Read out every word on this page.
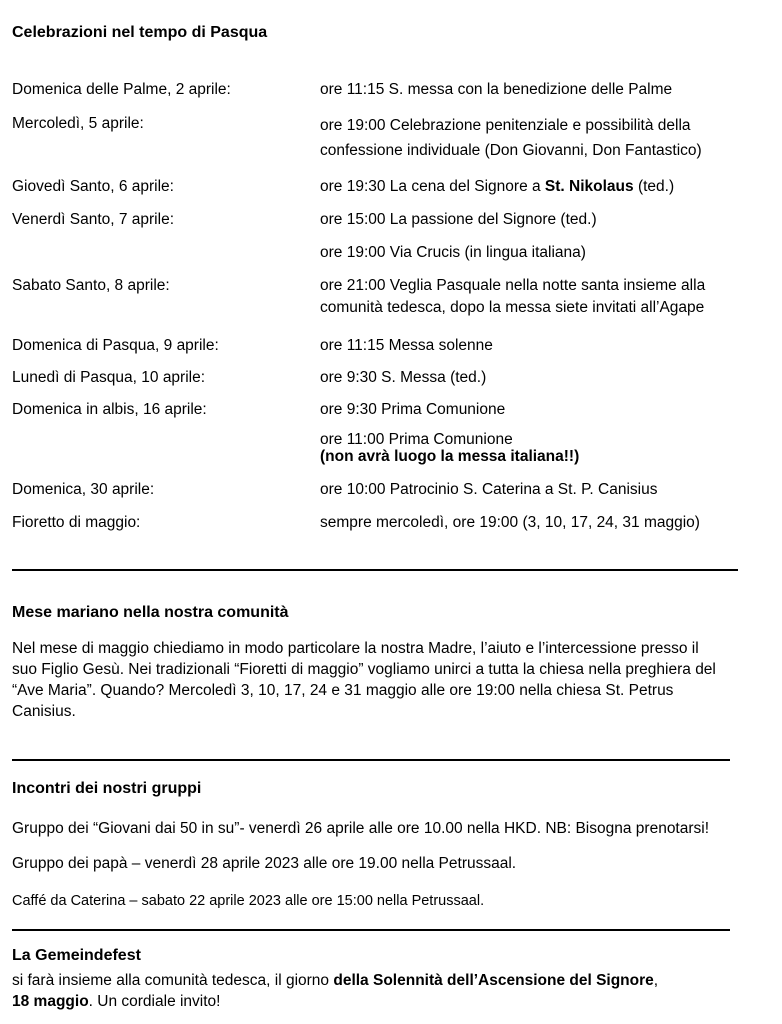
Celebrazioni nel tempo di Pasqua
Domenica delle Palme, 2 aprile:	ore 11:15 S. messa con la benedizione delle Palme
Mercoledì, 5 aprile:	ore 19:00 Celebrazione penitenziale e possibilità della
confessione individuale (Don Giovanni, Don Fantastico)
Giovedì Santo, 6 aprile:	ore 19:30 La cena del Signore a St. Nikolaus (ted.)
Venerdì Santo, 7 aprile:	ore 15:00 La passione del Signore (ted.)
ore 19:00 Via Crucis (in lingua italiana)
Sabato Santo, 8 aprile:	ore 21:00 Veglia Pasquale nella notte santa insieme alla
comunità tedesca, dopo la messa siete invitati all’Agape
Domenica di Pasqua, 9 aprile:	ore 11:15 Messa solenne
Lunedì di Pasqua, 10 aprile:	ore 9:30 S. Messa (ted.)
Domenica in albis, 16 aprile:	ore 9:30 Prima Comunione
ore 11:00 Prima Comunione
(non avrà luogo la messa italiana!!)
Domenica, 30 aprile:	ore 10:00 Patrocinio S. Caterina a St. P. Canisius
Fioretto di maggio:	sempre mercoledì, ore 19:00 (3, 10, 17, 24, 31 maggio)
Mese mariano nella nostra comunità
Nel mese di maggio chiediamo in modo particolare la nostra Madre, l’aiuto e l’intercessione presso il
suo Figlio Gesù. Nei tradizionali “Fioretti di maggio” vogliamo unirci a tutta la chiesa nella preghiera del
“Ave Maria”. Quando? Mercoledì 3, 10, 17, 24 e 31 maggio alle ore 19:00 nella chiesa St. Petrus
Canisius.
Incontri dei nostri gruppi
Gruppo dei “Giovani dai 50 in su”- venerdì 26 aprile alle ore 10.00 nella HKD. NB: Bisogna prenotarsi!
Gruppo dei papà – venerdì 28 aprile 2023 alle ore 19.00 nella Petrussaal.
Caffé da Caterina – sabato 22 aprile 2023 alle ore 15:00 nella Petrussaal.
La Gemeindefest
si farà insieme alla comunità tedesca, il giorno della Solennità dell’Ascensione del Signore,
18 maggio. Un cordiale invito!
